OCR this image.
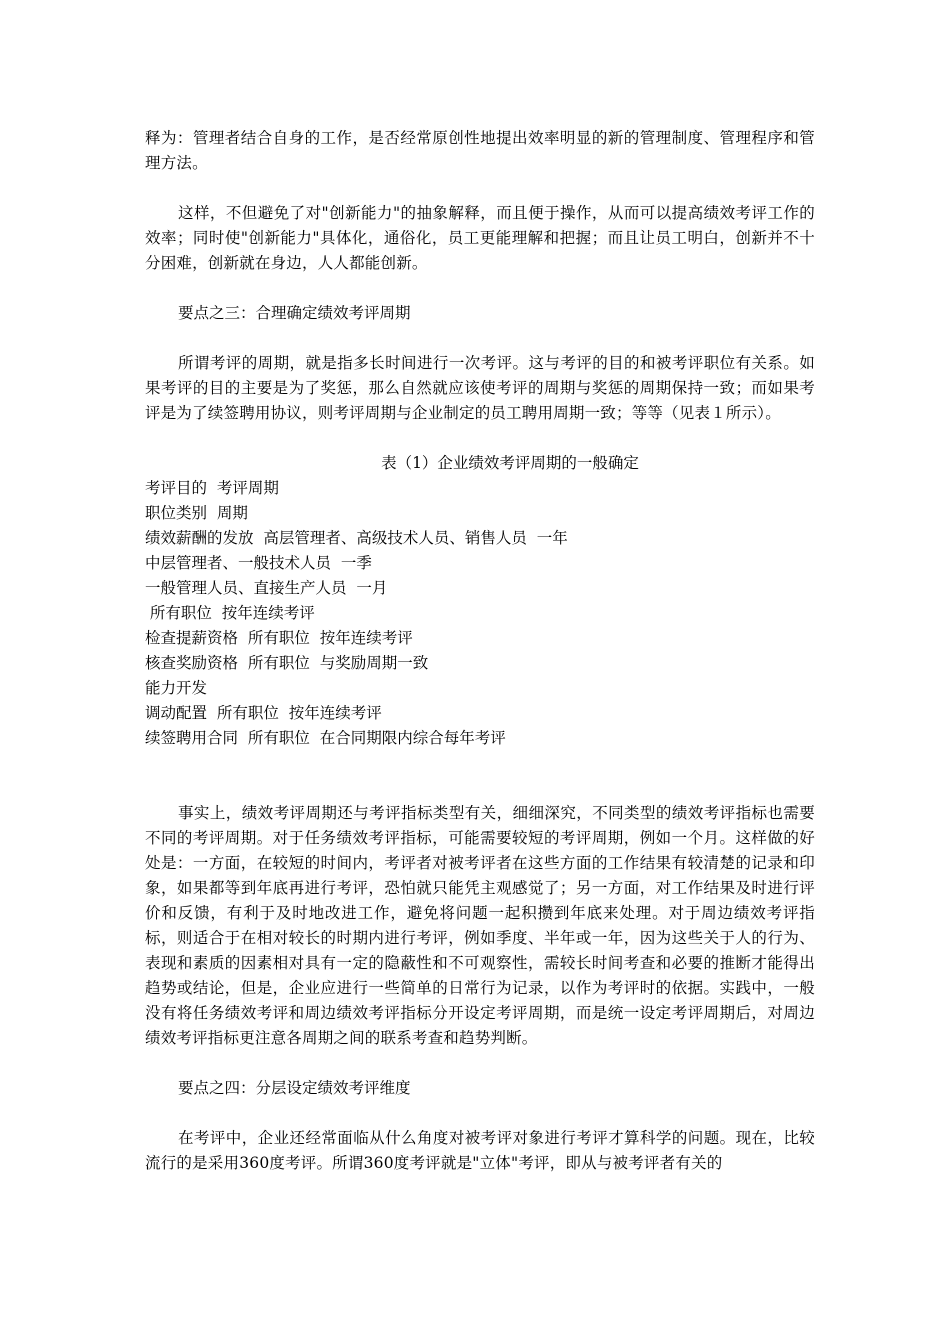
释为：管理者结合自身的工作，是否经常原创性地提出效率明显的新的管理制度、管理程序和管理方法。

这样，不但避免了对"创新能力"的抽象解释，而且便于操作，从而可以提高绩效考评工作的效率；同时使"创新能力"具体化，通俗化，员工更能理解和把握；而且让员工明白，创新并不十分困难，创新就在身边，人人都能创新。

要点之三：合理确定绩效考评周期

所谓考评的周期，就是指多长时间进行一次考评。这与考评的目的和被考评职位有关系。如果考评的目的主要是为了奖惩，那么自然就应该使考评的周期与奖惩的周期保持一致；而如果考评是为了续签聘用协议，则考评周期与企业制定的员工聘用周期一致；等等（见表１所示）。

表（1）企业绩效考评周期的一般确定

考评目的  考评周期
职位类别  周期
绩效薪酬的发放  高层管理者、高级技术人员、销售人员  一年
中层管理者、一般技术人员  一季
一般管理人员、直接生产人员  一月
所有职位  按年连续考评
检查提薪资格  所有职位  按年连续考评
核查奖励资格  所有职位  与奖励周期一致
能力开发
调动配置  所有职位  按年连续考评
续签聘用合同  所有职位  在合同期限内综合每年考评

事实上，绩效考评周期还与考评指标类型有关，细细深究，不同类型的绩效考评指标也需要不同的考评周期。对于任务绩效考评指标，可能需要较短的考评周期，例如一个月。这样做的好处是：一方面，在较短的时间内，考评者对被考评者在这些方面的工作结果有较清楚的记录和印象，如果都等到年底再进行考评，恐怕就只能凭主观感觉了；另一方面，对工作结果及时进行评价和反馈，有利于及时地改进工作，避免将问题一起积攒到年底来处理。对于周边绩效考评指标，则适合于在相对较长的时期内进行考评，例如季度、半年或一年，因为这些关于人的行为、表现和素质的因素相对具有一定的隐蔽性和不可观察性，需较长时间考查和必要的推断才能得出趋势或结论，但是，企业应进行一些简单的日常行为记录，以作为考评时的依据。实践中，一般没有将任务绩效考评和周边绩效考评指标分开设定考评周期，而是统一设定考评周期后，对周边绩效考评指标更注意各周期之间的联系考查和趋势判断。

要点之四：分层设定绩效考评维度

在考评中，企业还经常面临从什么角度对被考评对象进行考评才算科学的问题。现在，比较流行的是采用360度考评。所谓360度考评就是"立体"考评，即从与被考评者有关的
